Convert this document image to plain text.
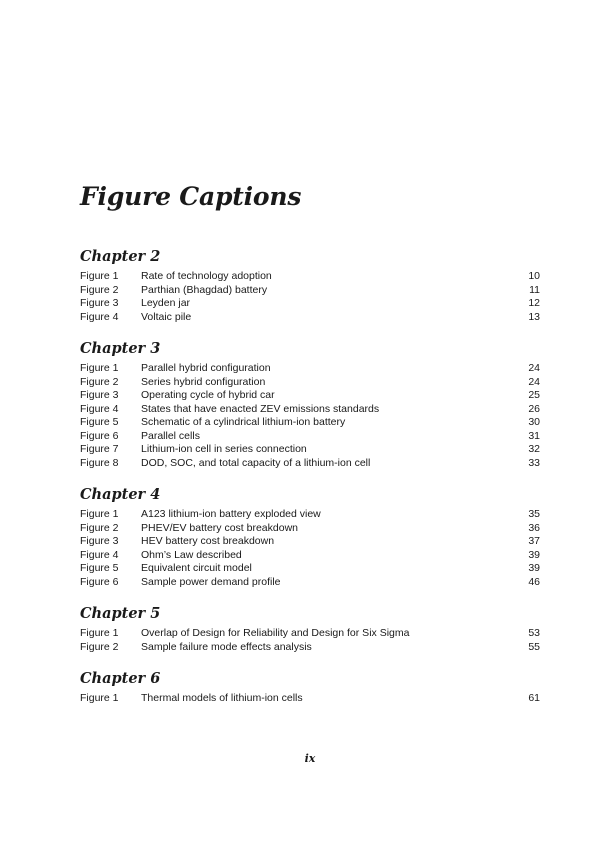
Figure Captions
Chapter 2
Figure 1	Rate of technology adoption	10
Figure 2	Parthian (Bhagdad) battery	11
Figure 3	Leyden jar	12
Figure 4	Voltaic pile	13
Chapter 3
Figure 1	Parallel hybrid configuration	24
Figure 2	Series hybrid configuration	24
Figure 3	Operating cycle of hybrid car	25
Figure 4	States that have enacted ZEV emissions standards	26
Figure 5	Schematic of a cylindrical lithium-ion battery	30
Figure 6	Parallel cells	31
Figure 7	Lithium-ion cell in series connection	32
Figure 8	DOD, SOC, and total capacity of a lithium-ion cell	33
Chapter 4
Figure 1	A123 lithium-ion battery exploded view	35
Figure 2	PHEV/EV battery cost breakdown	36
Figure 3	HEV battery cost breakdown	37
Figure 4	Ohm’s Law described	39
Figure 5	Equivalent circuit model	39
Figure 6	Sample power demand profile	46
Chapter 5
Figure 1	Overlap of Design for Reliability and Design for Six Sigma	53
Figure 2	Sample failure mode effects analysis	55
Chapter 6
Figure 1	Thermal models of lithium-ion cells	61
ix
